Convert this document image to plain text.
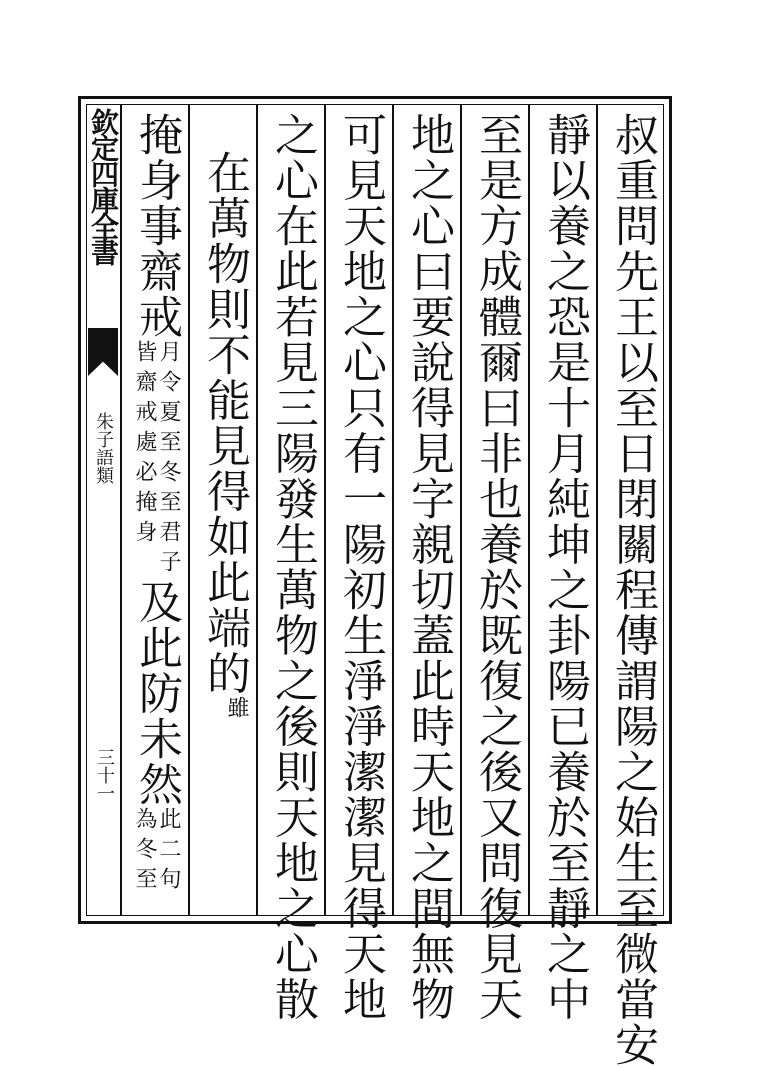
欽定四庫全書
朱子語類
三十一	叔重問先王以至日閉關程傳謂陽之始生至微當安
靜以養之恐是十月純坤之卦陽已養於至靜之中
至是方成體爾曰非也養於既復之後又問復見天
地之心曰要說得見字親切蓋此時天地之間無物
可見天地之心只有一陽初生淨淨潔潔見得天地
之心在此若見三陽發生萬物之後則天地之心散
在萬物則不能見得如此端的
雖
掩身事齋戒
月令夏至冬至君子
皆齋戒處必掩身
及此防未然
此二句
為冬至
